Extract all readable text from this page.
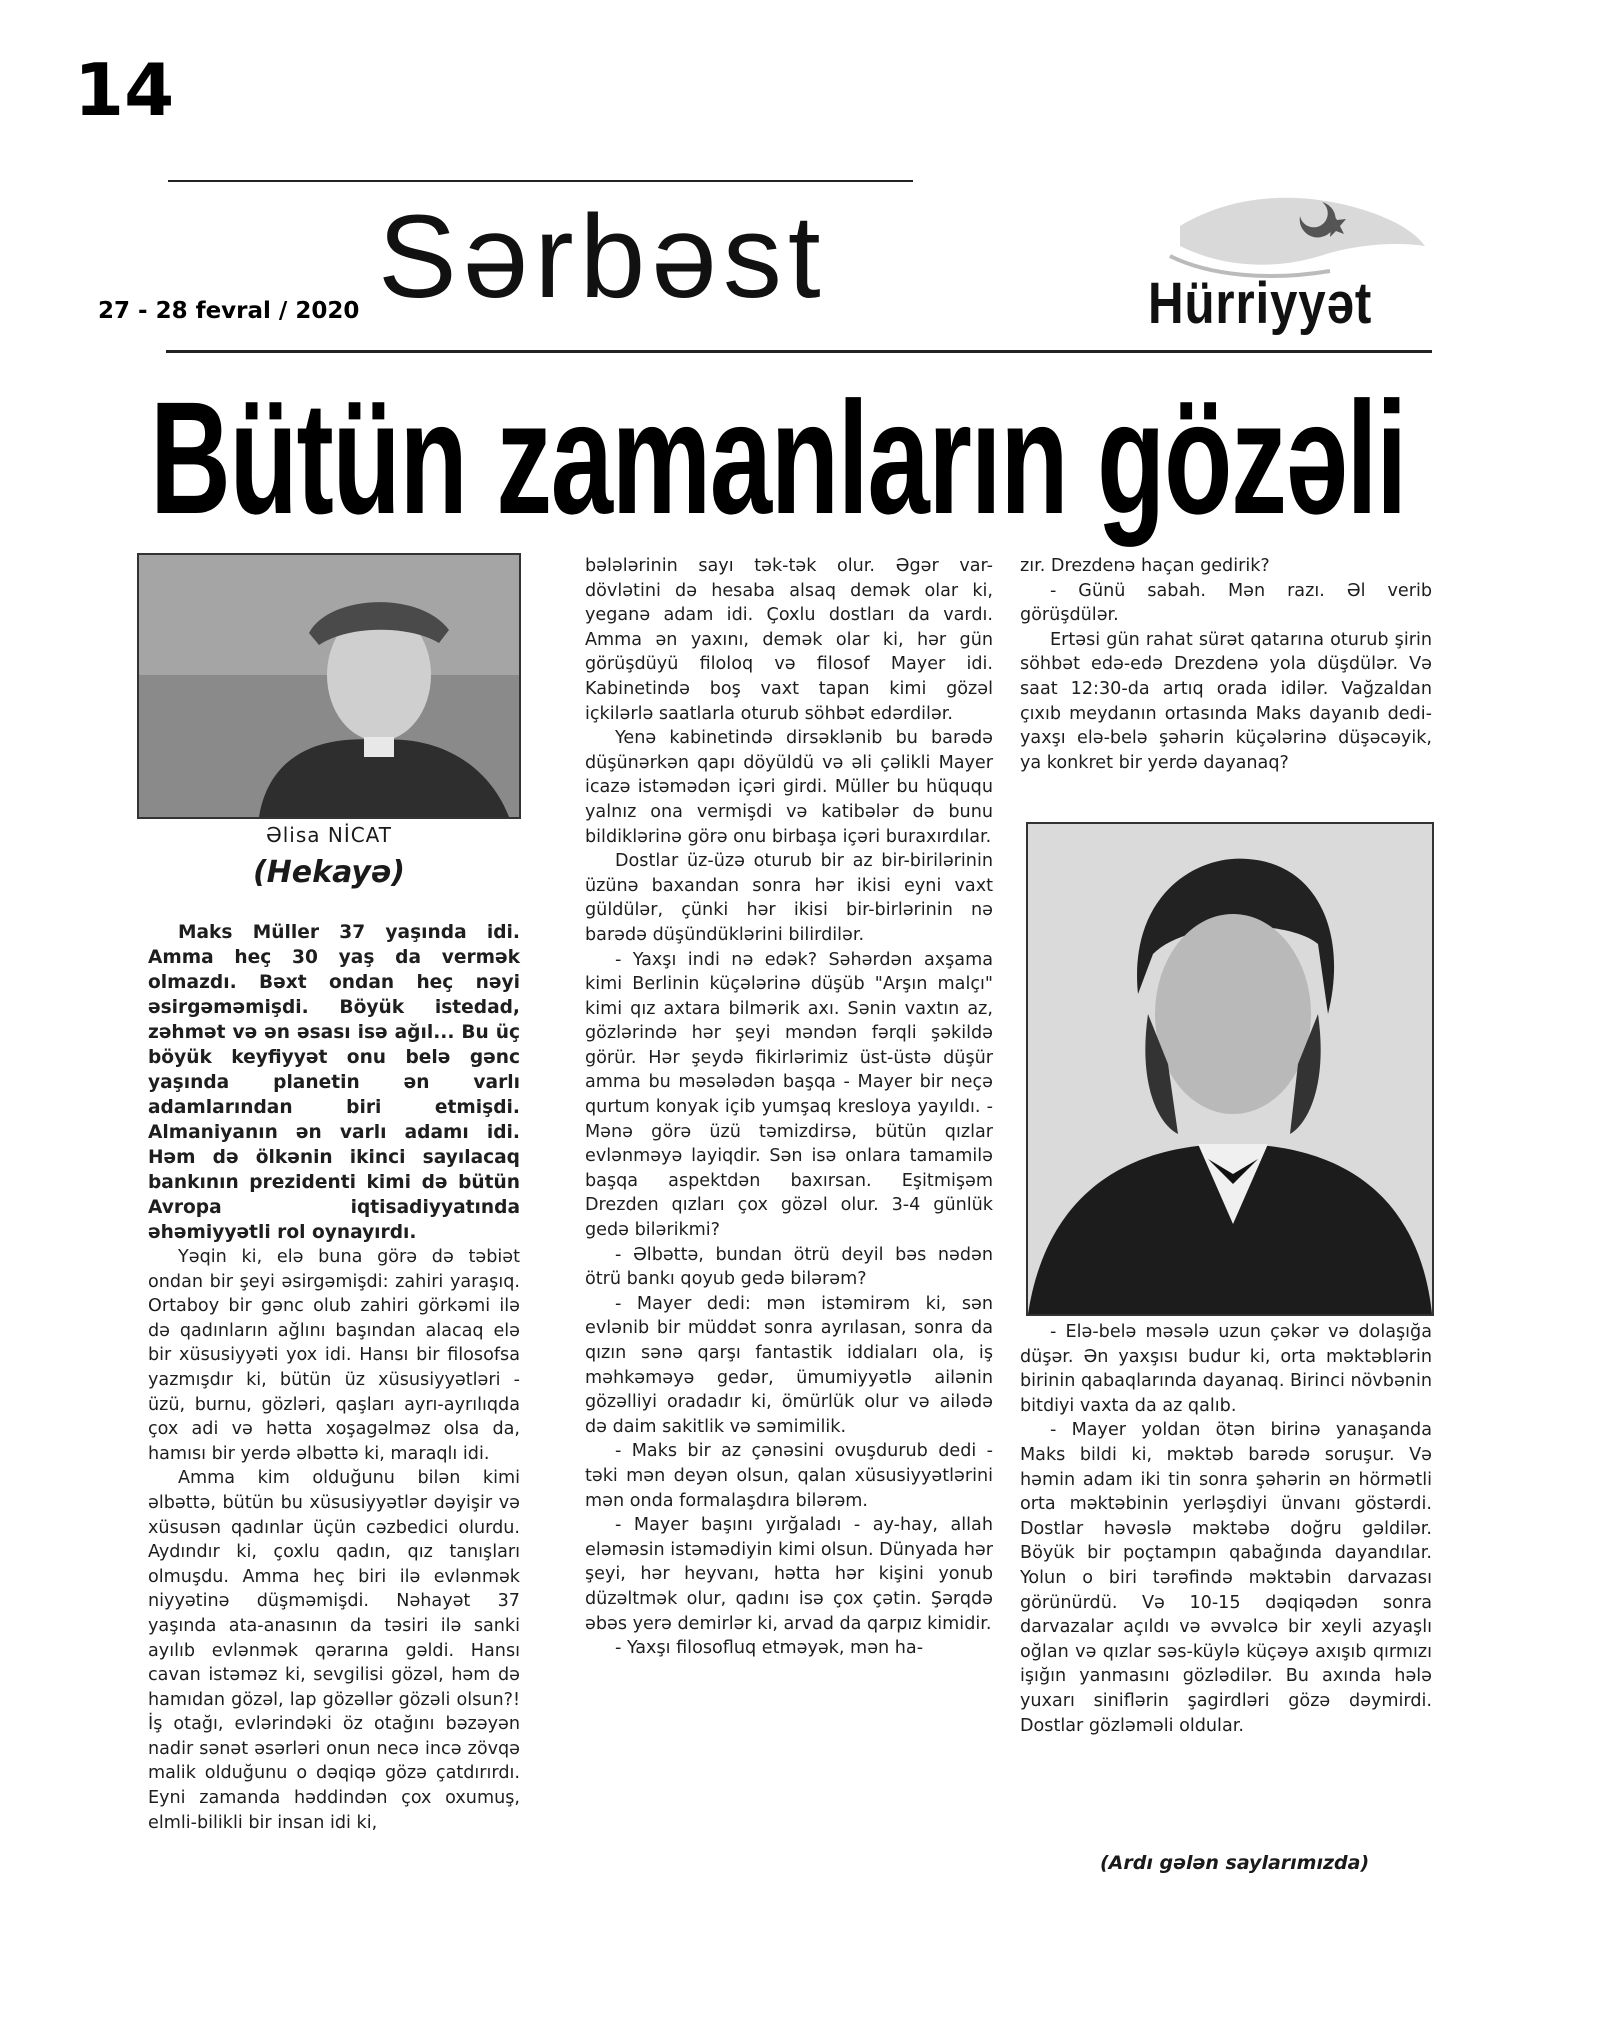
14
Sərbəst
27 - 28 fevral / 2020	Hürriyyət
Bütün zamanların gözəli
Əlisa NİCAT
(Hekayə)

Maks Müller 37 yaşında idi. Amma heç 30 yaş da vermək olmazdı. Bəxt ondan heç nəyi əsirgəməmişdi. Böyük istedad, zəhmət və ən əsası isə ağıl... Bu üç böyük keyfiyyət onu belə gənc yaşında planetin ən varlı adamlarından biri etmişdi. Almaniyanın ən varlı adamı idi. Həm də ölkənin ikinci sayılacaq bankının prezidenti kimi də bütün Avropa iqtisadiyyatında əhəmiyyətli rol oynayırdı.

Yəqin ki, elə buna görə də təbiət ondan bir şeyi əsirgəmişdi: zahiri yaraşıq. Ortaboy bir gənc olub zahiri görkəmi ilə də qadınların ağlını başından alacaq elə bir xüsusiyyəti yox idi. Hansı bir filosofsa yazmışdır ki, bütün üz xüsusiyyətləri - üzü, burnu, gözləri, qaşları ayrı-ayrılıqda çox adi və hətta xoşagəlməz olsa da, hamısı bir yerdə əlbəttə ki, maraqlı idi.

Amma kim olduğunu bilən kimi əlbəttə, bütün bu xüsusiyyətlər dəyişir və xüsusən qadınlar üçün cəzbedici olurdu. Aydındır ki, çoxlu qadın, qız tanışları olmuşdu. Amma heç biri ilə evlənmək niyyətinə düşməmişdi. Nəhayət 37 yaşında ata-anasının da təsiri ilə sanki ayılıb evlənmək qərarına gəldi. Hansı cavan istəməz ki, sevgilisi gözəl, həm də hamıdan gözəl, lap gözəllər gözəli olsun?! İş otağı, evlərindəki öz otağını bəzəyən nadir sənət əsərləri onun necə incə zövqə malik olduğunu o dəqiqə gözə çatdırırdı. Eyni zamanda həddindən çox oxumuş, elmli-bilikli bir insan idi ki,

bələlərinin sayı tək-tək olur. Əgər var-dövlətini də hesaba alsaq demək olar ki, yeganə adam idi. Çoxlu dostları da vardı. Amma ən yaxını, demək olar ki, hər gün görüşdüyü filoloq və filosof Mayer idi. Kabinetində boş vaxt tapan kimi gözəl içkilərlə saatlarla oturub söhbət edərdilər.

Yenə kabinetində dirsəklənib bu barədə düşünərkən qapı döyüldü və əli çəlikli Mayer icazə istəmədən içəri girdi. Müller bu hüququ yalnız ona vermişdi və katibələr də bunu bildiklərinə görə onu birbaşa içəri buraxırdılar.

Dostlar üz-üzə oturub bir az bir-birilərinin üzünə baxandan sonra hər ikisi eyni vaxt güldülər, çünki hər ikisi bir-birlərinin nə barədə düşündüklərini bilirdilər.

- Yaxşı indi nə edək? Səhərdən axşama kimi Berlinin küçələrinə düşüb "Arşın malçı" kimi qız axtara bilmərik axı. Sənin vaxtın az, gözlərində hər şeyi məndən fərqli şəkildə görür. Hər şeydə fikirlərimiz üst-üstə düşür amma bu məsələdən başqa - Mayer bir neçə qurtum konyak içib yumşaq kresloya yayıldı. - Mənə görə üzü təmizdirsə, bütün qızlar evlənməyə layiqdir. Sən isə onlara tamamilə başqa aspektdən baxırsan. Eşitmişəm Drezden qızları çox gözəl olur. 3-4 günlük gedə bilərikmi?

- Əlbəttə, bundan ötrü deyil bəs nədən ötrü bankı qoyub gedə bilərəm?

- Mayer dedi: mən istəmirəm ki, sən evlənib bir müddət sonra ayrılasan, sonra da qızın sənə qarşı fantastik iddiaları ola, iş məhkəməyə gedər, ümumiyyətlə ailənin gözəlliyi oradadır ki, ömürlük olur və ailədə də daim sakitlik və səmimilik.

- Maks bir az çənəsini ovuşdurub dedi - təki mən deyən olsun, qalan xüsusiyyətlərini mən onda formalaşdıra bilərəm.

- Mayer başını yırğaladı - ay-hay, allah eləməsin istəmədiyin kimi olsun. Dünyada hər şeyi, hər heyvanı, hətta hər kişini yonub düzəltmək olur, qadını isə çox çətin. Şərqdə əbəs yerə demirlər ki, arvad da qarpız kimidir.

- Yaxşı filosofluq etməyək, mən ha-

zır. Drezdenə haçan gedirik?

- Günü sabah. Mən razı. Əl verib görüşdülər.

Ertəsi gün rahat sürət qatarına oturub şirin söhbət edə-edə Drezdenə yola düşdülər. Və saat 12:30-da artıq orada idilər. Vağzaldan çıxıb meydanın ortasında Maks dayanıb dedi- yaxşı elə-belə şəhərin küçələrinə düşəcəyik, ya konkret bir yerdə dayanaq?

- Elə-belə məsələ uzun çəkər və dolaşığa düşər. Ən yaxşısı budur ki, orta məktəblərin birinin qabaqlarında dayanaq. Birinci növbənin bitdiyi vaxta da az qalıb.

- Mayer yoldan ötən birinə yanaşanda Maks bildi ki, məktəb barədə soruşur. Və həmin adam iki tin sonra şəhərin ən hörmətli orta məktəbinin yerləşdiyi ünvanı göstərdi. Dostlar həvəslə məktəbə doğru gəldilər. Böyük bir poçtampın qabağında dayandılar. Yolun o biri tərəfində məktəbin darvazası görünürdü. Və 10-15 dəqiqədən sonra darvazalar açıldı və əvvəlcə bir xeyli azyaşlı oğlan və qızlar səs-küylə küçəyə axışıb qırmızı işığın yanmasını gözlədilər. Bu axında hələ yuxarı siniflərin şagirdləri gözə dəymirdi. Dostlar gözləməli oldular.

(Ardı gələn saylarımızda)
